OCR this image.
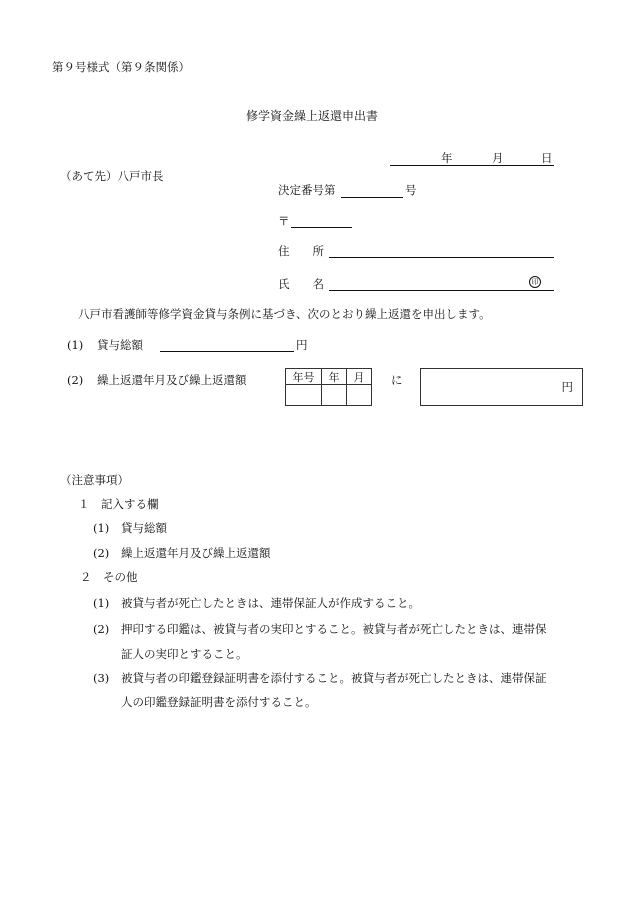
第９号様式（第９条関係）
修学資金繰上返還申出書
年	月	日
（あて先）八戸市長
決定番号第	号
〒
住　　所
氏　　名	印
八戸市看護師等修学資金貸与条例に基づき、次のとおり繰上返還を申出します。
(1) 貸与総額	円
(2) 繰上返還年月及び繰上返還額	年号	年	月	に	円
（注意事項）
１　記入する欄
(1) 貸与総額
(2) 繰上返還年月及び繰上返還額
２　その他
(1) 被貸与者が死亡したときは、連帯保証人が作成すること。
(2) 押印する印鑑は、被貸与者の実印とすること。被貸与者が死亡したときは、連帯保
証人の実印とすること。
(3) 被貸与者の印鑑登録証明書を添付すること。被貸与者が死亡したときは、連帯保証
人の印鑑登録証明書を添付すること。
